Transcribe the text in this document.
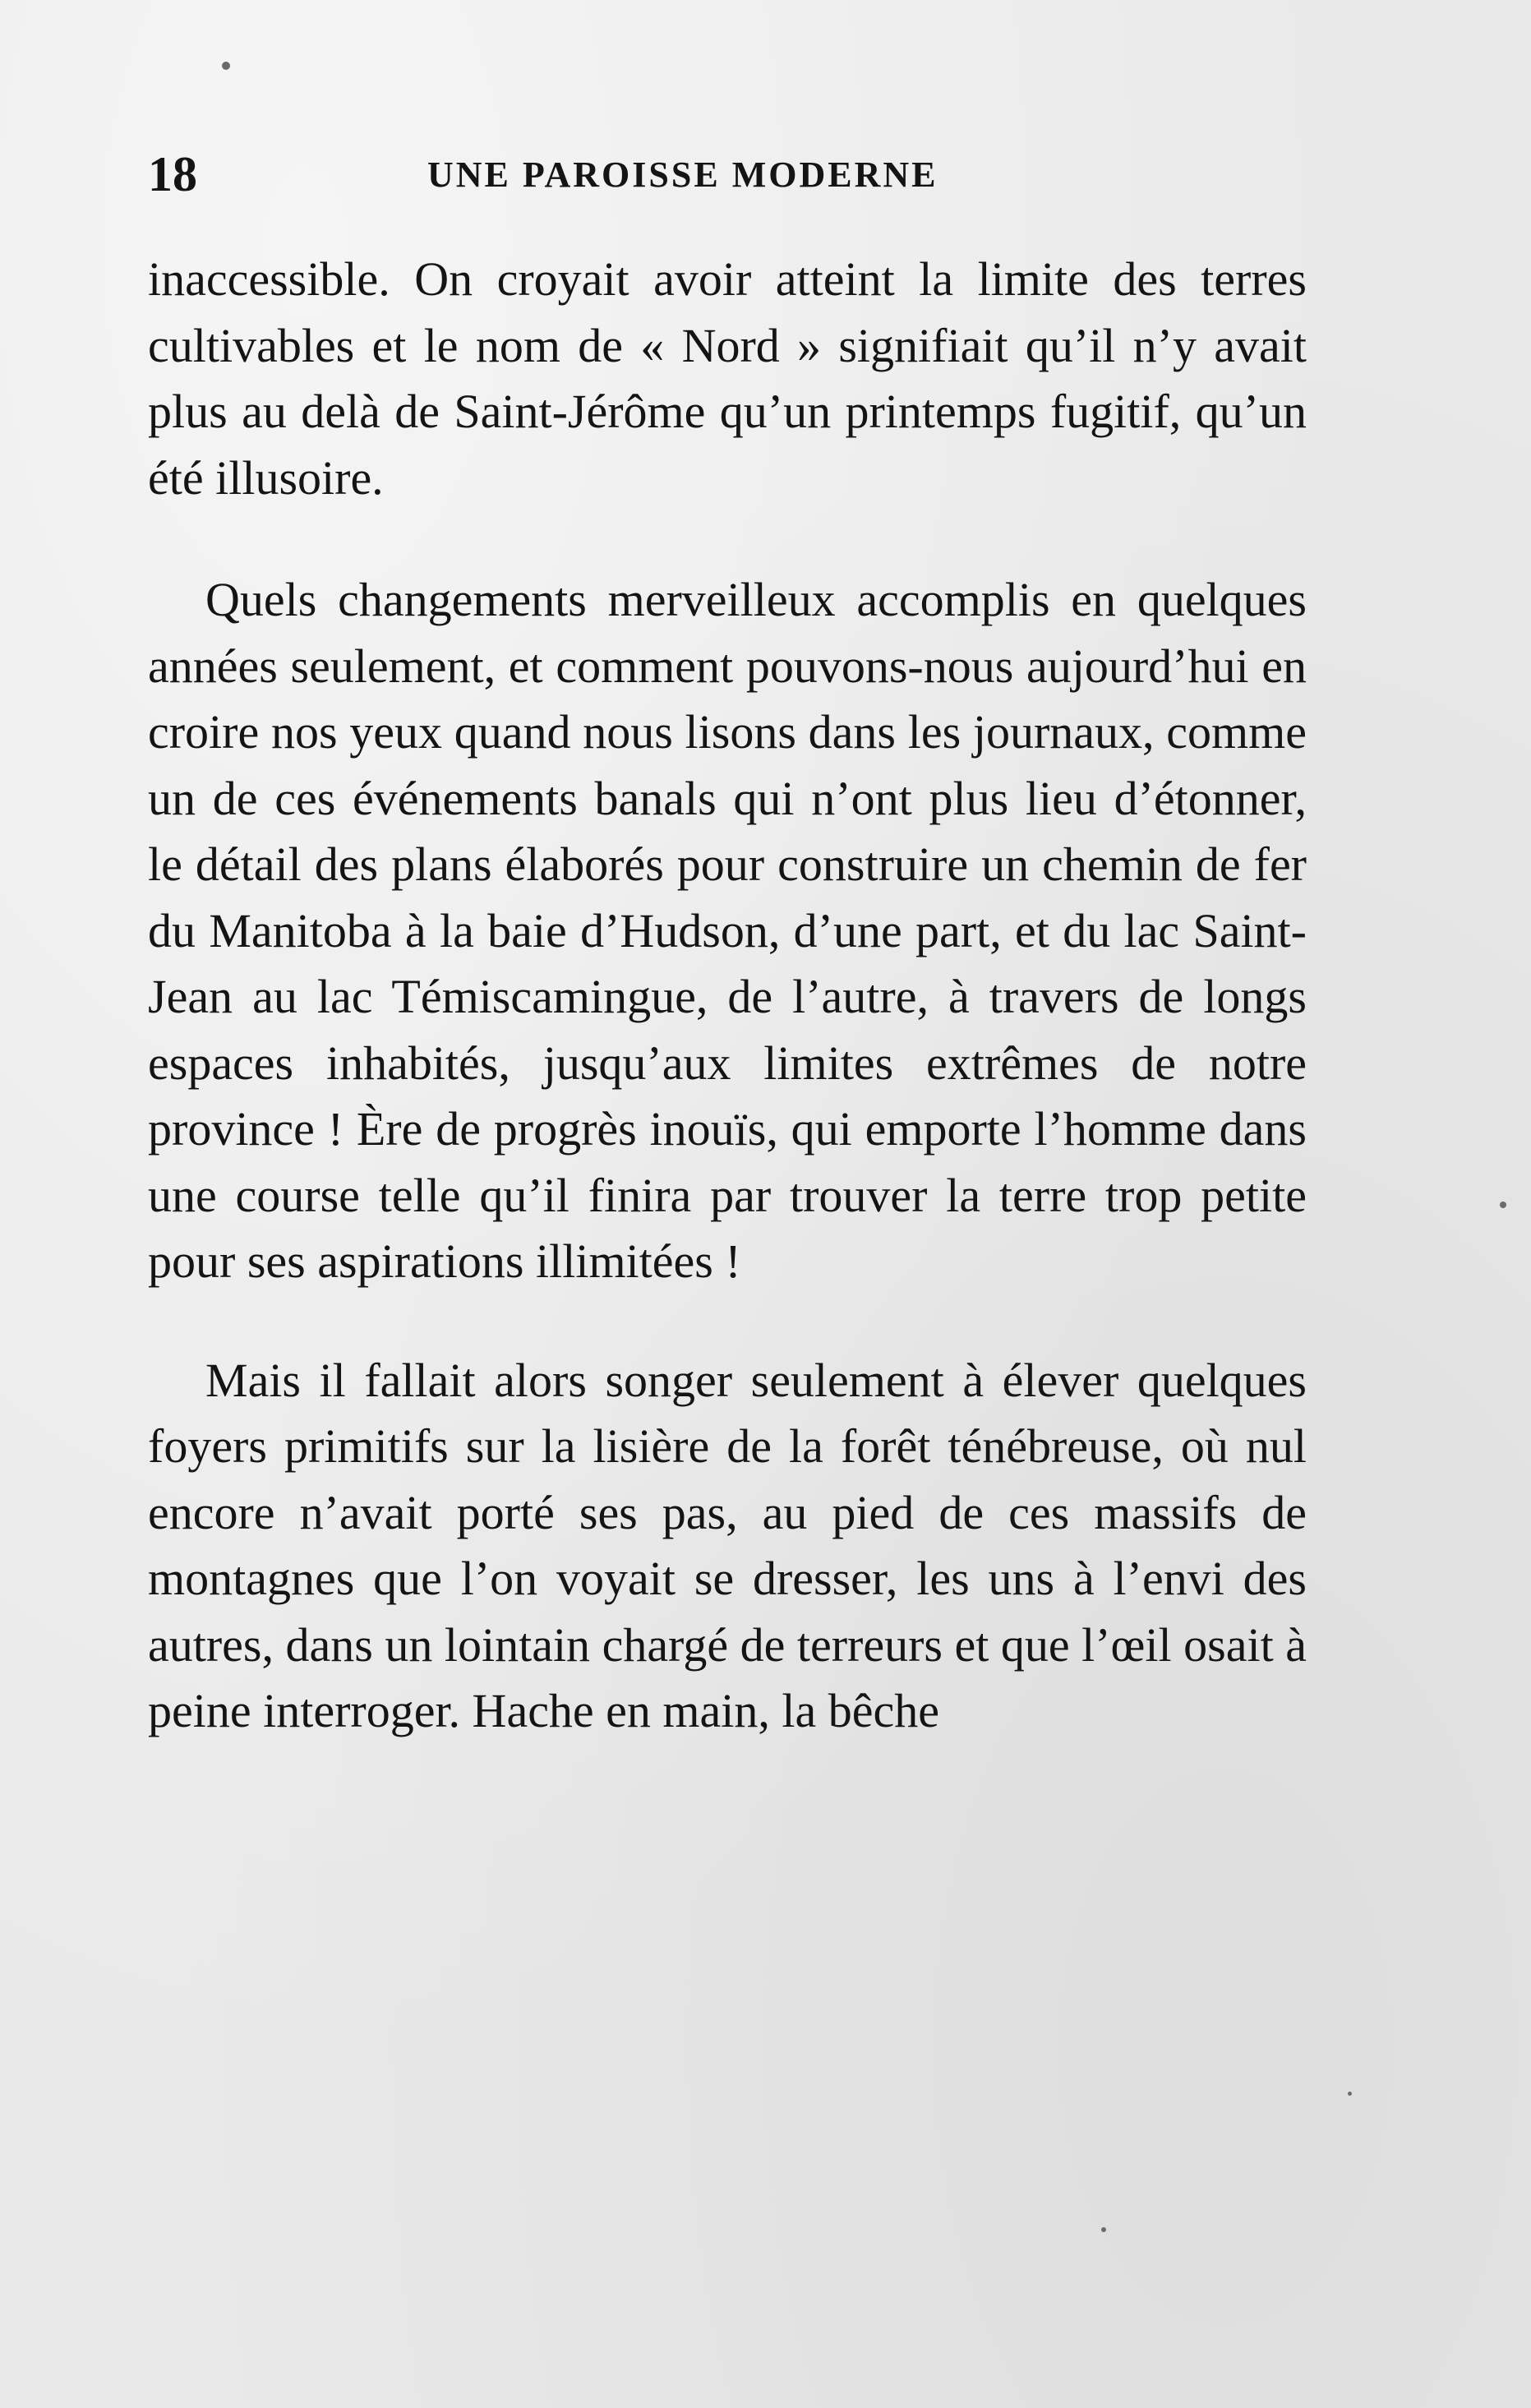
18	UNE PAROISSE MODERNE

inaccessible. On croyait avoir atteint la limite des terres cultivables et le nom de « Nord » signifiait qu’il n’y avait plus au delà de Saint-Jérôme qu’un printemps fugitif, qu’un été illusoire.

Quels changements merveilleux accomplis en quelques années seulement, et comment pouvons-nous aujourd’hui en croire nos yeux quand nous lisons dans les journaux, comme un de ces événements banals qui n’ont plus lieu d’étonner, le détail des plans élaborés pour construire un chemin de fer du Manitoba à la baie d’Hudson, d’une part, et du lac Saint-Jean au lac Témiscamingue, de l’autre, à travers de longs espaces inhabités, jusqu’aux limites extrêmes de notre province ! Ère de progrès inouïs, qui emporte l’homme dans une course telle qu’il finira par trouver la terre trop petite pour ses aspirations illimitées !

Mais il fallait alors songer seulement à élever quelques foyers primitifs sur la lisière de la forêt ténébreuse, où nul encore n’avait porté ses pas, au pied de ces massifs de montagnes que l’on voyait se dresser, les uns à l’envi des autres, dans un lointain chargé de terreurs et que l’œil osait à peine interroger. Hache en main, la bêche
